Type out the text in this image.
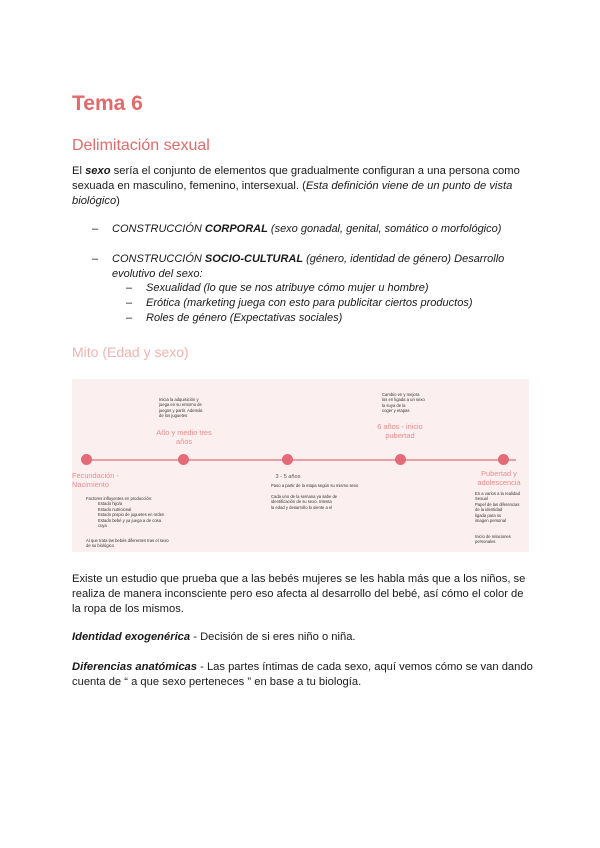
Tema 6
Delimitación sexual
El sexo sería el conjunto de elementos que gradualmente configuran a una persona como sexuada en masculino, femenino, intersexual. (Esta definición viene de un punto de vista biológico)
– CONSTRUCCIÓN CORPORAL (sexo gonadal, genital, somático o morfológico)
– CONSTRUCCIÓN SOCIO-CULTURAL (género, identidad de género) Desarrollo evolutivo del sexo:
– Sexualidad (lo que se nos atribuye cómo mujer u hombre)
– Erótica (marketing juega con esto para publicitar ciertos productos)
– Roles de género (Expectativas sociales)
Mito (Edad y sexo)
Fecundación - Nacimiento
Año y medio tres años
3 - 5 años
6 años - inicio pubertad
Pubertad y adolescencia
Factores influyentes en producción:
Estado hijo/a
Estado nutricional
Estado propio de juguetes en orden
Estado bebé y ya juega a de cosa
cuya
Al que trata las bebés diferentes tras el sexo
de su biológico
Inicia la adquisición y
juega en su entorno de
juegos y partir. Además
de los juguetes
Paso a partir de la etapa según su mismo sexo
Cada uno de la semana ya sabe de
identificación de su sexo. Intenta
la edad y desarrollo lo siente a el
Cambio en y mejora
los en ligada a un sexo
la suya de la
coger y etapas
En a varios a la realidad
Sexual
Papel de las diferencias
de la identidad
ligada para su
imagen personal
Inicio de relaciones
personales
Existe un estudio que prueba que a las bebés mujeres se les habla más que a los niños, se realiza de manera inconsciente pero eso afecta al desarrollo del bebé, así cómo el color de la ropa de los mismos.
Identidad exogenérica - Decisión de si eres niño o niña.
Diferencias anatómicas - Las partes íntimas de cada sexo, aquí vemos cómo se van dando cuenta de “ a que sexo perteneces ” en base a tu biología.
